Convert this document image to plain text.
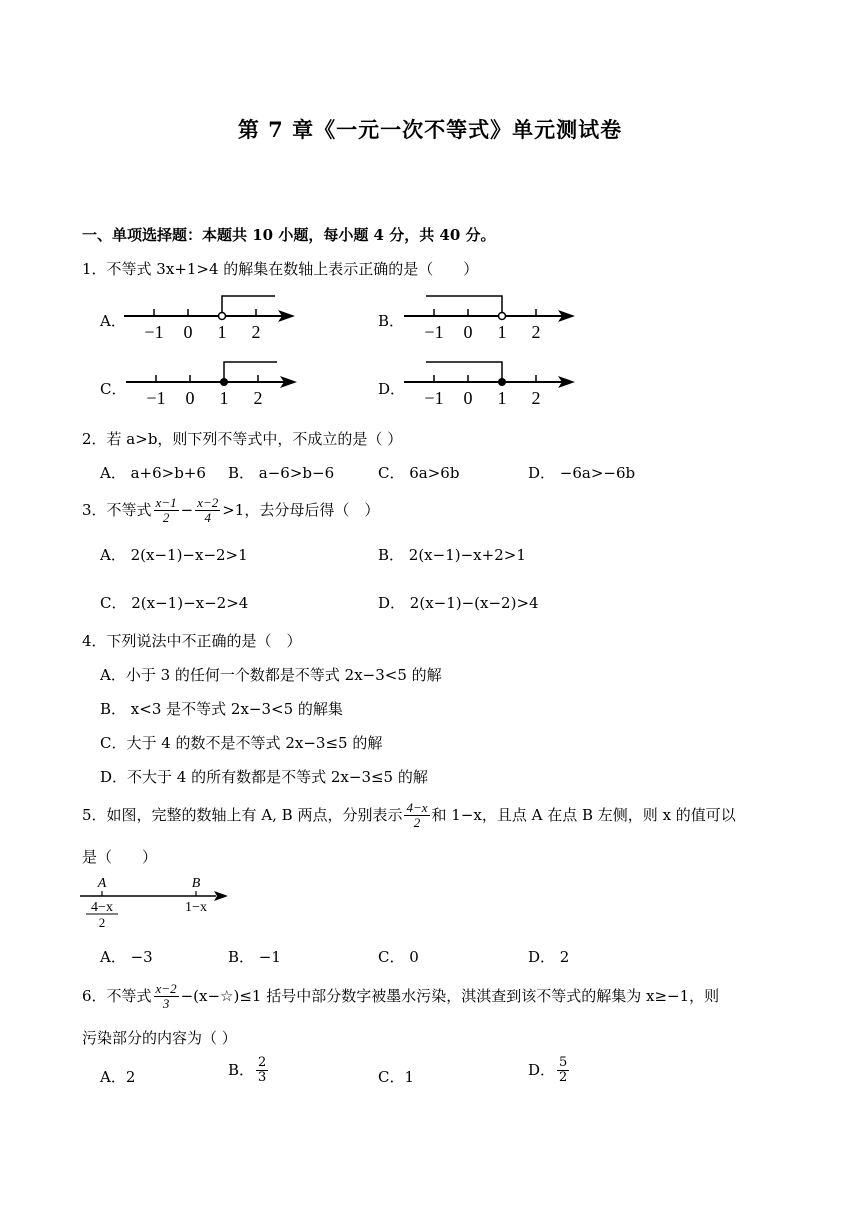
第 7 章《一元一次不等式》单元测试卷
一、单项选择题：本题共 10 小题，每小题 4 分，共 40 分。
1．不等式 3x+1>4 的解集在数轴上表示正确的是（　　）
A．
−1 0 1 2
B．
−1 0 1 2
C． −1 0 1 2	D． −1 0 1 2
2．若 a>b，则下列不等式中，不成立的是（ ）
A． a+6>b+6 B． a−6>b−6	C． 6a>6b	D． −6a>−6b
3．不等式 $\frac{x-1}{2} - \frac{x-2}{4} >1$，去分母后得（　）
A． 2(x−1)−x−2>1	B． 2(x−1)−x+2>1
C． 2(x−1)−x−2>4	D． 2(x−1)−(x−2)>4
4．下列说法中不正确的是（　）
A．小于 3 的任何一个数都是不等式 2x−3<5 的解
B． x<3 是不等式 2x−3<5 的解集
C．大于 4 的数不是不等式 2x−3≤5 的解
D．不大于 4 的所有数都是不等式 2x−3≤5 的解
5．如图，完整的数轴上有 A, B 两点，分别表示 $\frac{4-x}{2}$ 和 1−x，且点 A 在点 B 左侧，则 x 的值可以
是（　　）
A	B
4−x
2
1−x
A． −3	B． −1	C． 0	D． 2
6．不等式 $\frac{x-2}{3}$ −(x−☆)≤1 括号中部分数字被墨水污染，淇淇查到该不等式的解集为 x≥−1，则
污染部分的内容为（ ）
A．2	B． $\frac{2}{3}$	C．1	D． $\frac{5}{2}$
